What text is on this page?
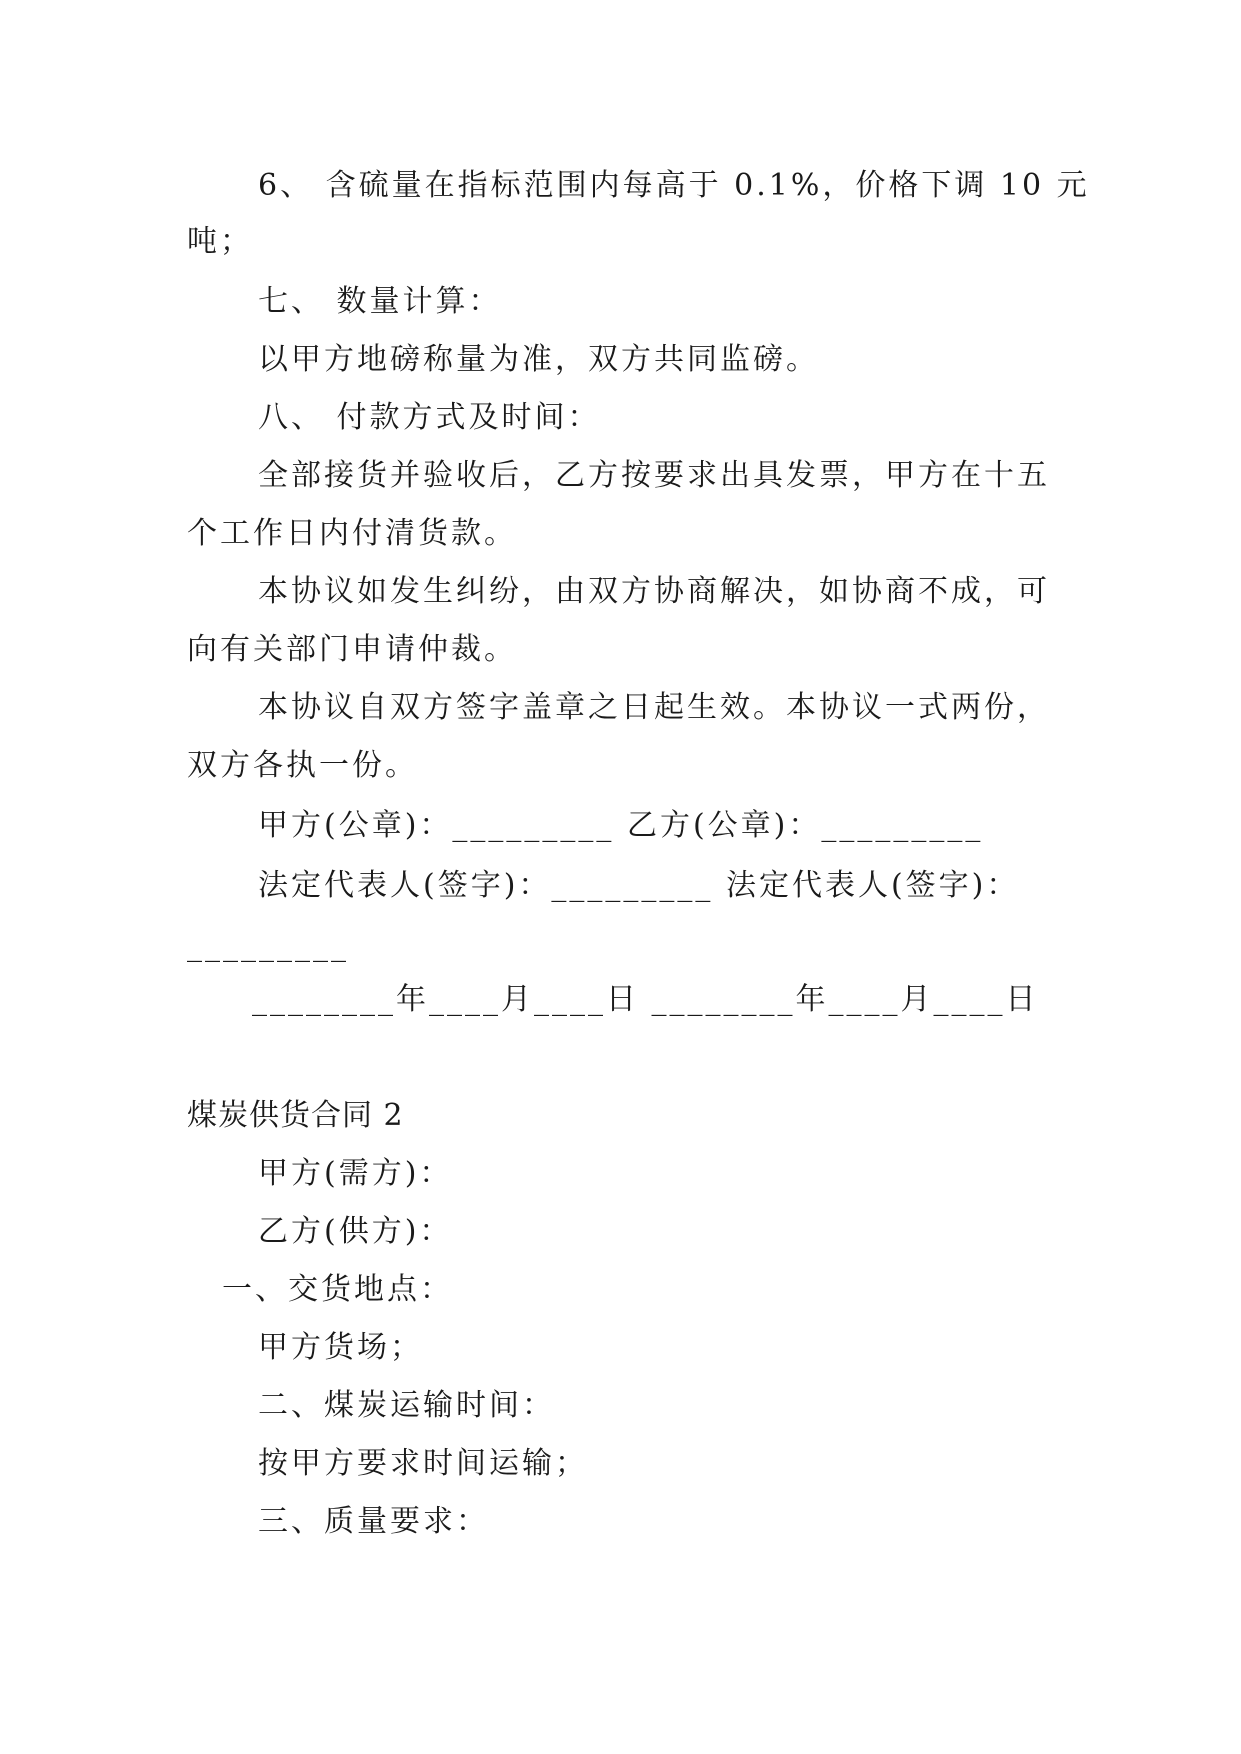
6、 含硫量在指标范围内每高于 0.1%，价格下调 10 元
吨；
七、 数量计算：
以甲方地磅称量为准，双方共同监磅。
八、 付款方式及时间：
全部接货并验收后，乙方按要求出具发票，甲方在十五
个工作日内付清货款。
本协议如发生纠纷，由双方协商解决，如协商不成，可
向有关部门申请仲裁。
本协议自双方签字盖章之日起生效。本协议一式两份，
双方各执一份。
甲方(公章)：_________ 乙方(公章)：_________
法定代表人(签字)：_________ 法定代表人(签字)：
_________
________年____月____日 ________年____月____日
煤炭供货合同 2
甲方(需方)：
乙方(供方)：
一、交货地点：
甲方货场；
二、煤炭运输时间：
按甲方要求时间运输；
三、质量要求：
